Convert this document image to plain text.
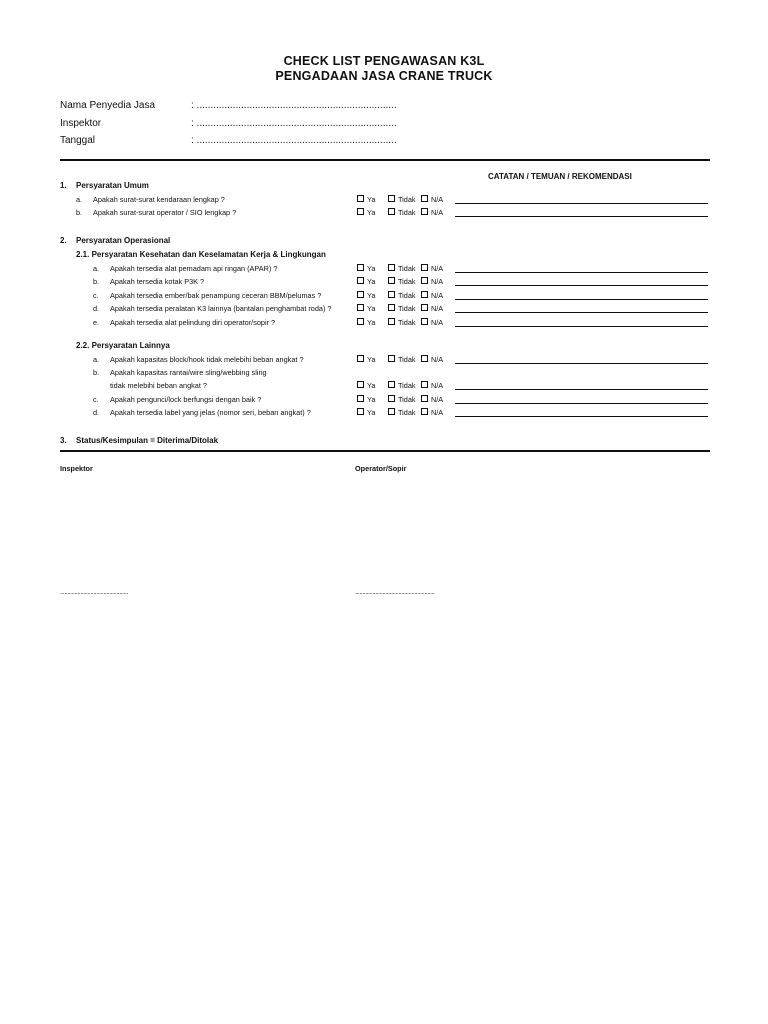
CHECK LIST PENGAWASAN K3L
PENGADAAN JASA CRANE TRUCK
Nama Penyedia Jasa	: ........................................................................
Inspektor	: ........................................................................
Tanggal	: ........................................................................
CATATAN / TEMUAN / REKOMENDASI
1. Persyaratan Umum
a. Apakah surat-surat kendaraan lengkap ?	Ya	Tidak	N/A
b. Apakah surat-surat operator / SIO lengkap ?	Ya	Tidak	N/A
2. Persyaratan Operasional
2.1. Persyaratan Kesehatan dan Keselamatan Kerja & Lingkungan
a. Apakah tersedia alat pemadam api ringan (APAR) ?	Ya	Tidak	N/A
b. Apakah tersedia kotak P3K ?	Ya	Tidak	N/A
c. Apakah tersedia ember/bak penampung ceceran BBM/pelumas ?	Ya	Tidak	N/A
d. Apakah tersedia peralatan K3 lainnya (bantalan penghambat roda) ?	Ya	Tidak	N/A
e. Apakah tersedia alat pelindung diri operator/sopir ?	Ya	Tidak	N/A
2.2. Persyaratan Lainnya
a. Apakah kapasitas block/hook tidak melebihi beban angkat ?	Ya	Tidak	N/A
b. Apakah kapasitas rantai/wire sling/webbing sling
tidak melebihi beban angkat ?	Ya	Tidak	N/A
c. Apakah pengunci/lock berfungsi dengan baik ?	Ya	Tidak	N/A
d. Apakah tersedia label yang jelas (nomor seri, beban angkat) ?	Ya	Tidak	N/A
3. Status/Kesimpulan = Diterima/Ditolak
Inspektor	Operator/Sopir
...............................................	.......................................................
